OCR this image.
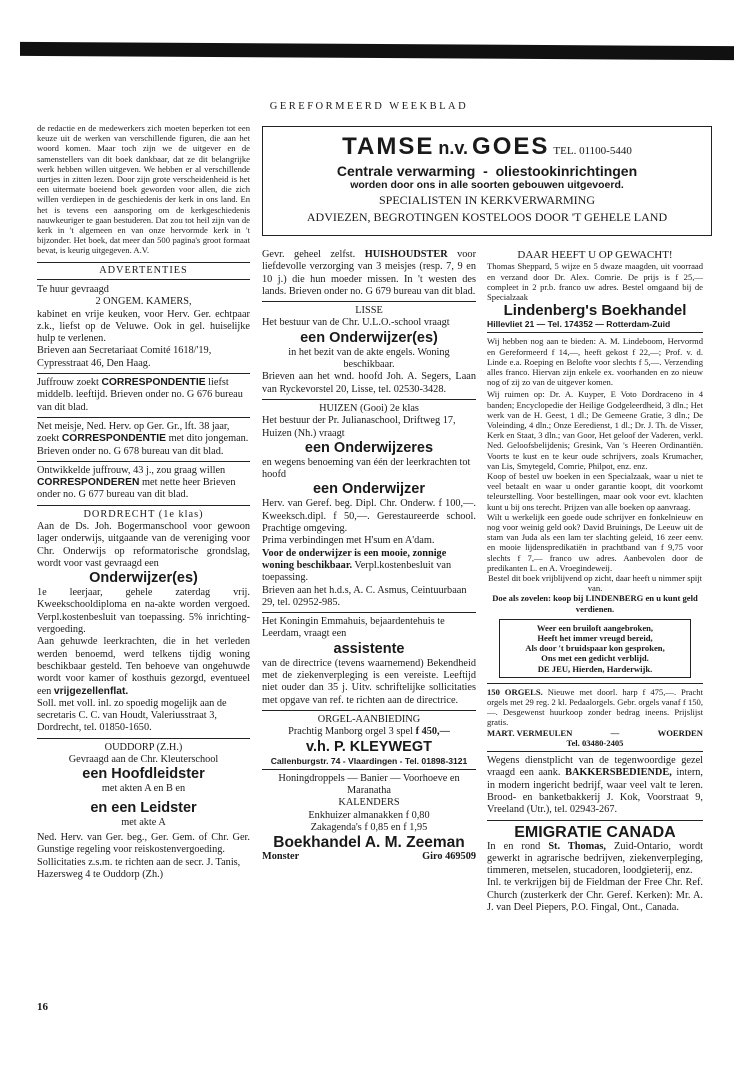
GEREFORMEERD WEEKBLAD

de redactie en de medewerkers zich moeten beperken tot een keuze uit de werken van verschillende figuren, die aan het woord komen. Maar toch zijn we de uitgever en de samenstellers van dit boek dankbaar, dat ze dit belangrijke werk hebben willen uitgeven. We hebben er al verschillende uurtjes in zitten lezen. Door zijn grote verscheidenheid is het een uitermate boeiend boek geworden voor allen, die zich willen verdiepen in de geschiedenis der kerk in ons land. En het is tevens een aansporing om de kerkgeschiedenis nauwkeuriger te gaan bestuderen. Dat zou tot heil zijn van de kerk in 't algemeen en van onze hervormde kerk in 't bijzonder. Het boek, dat meer dan 500 pagina's groot formaat bevat, is keurig uitgegeven. A.V.

ADVERTENTIES

Te huur gevraagd

2 ONGEM. KAMERS,

kabinet en vrije keuken, voor Herv. Ger. echtpaar z.k., liefst op de Veluwe. Ook in gel. huiselijke hulp te verlenen.

Brieven aan Secretariaat Comité 1618/'19, Cypresstraat 46, Den Haag.

Juffrouw zoekt CORRESPONDENTIE liefst middelb. leeftijd. Brieven onder no. G 676 bureau van dit blad.

Net meisje, Ned. Herv. op Ger. Gr., lft. 38 jaar, zoekt CORRESPONDENTIE met dito jongeman. Brieven onder no. G 678 bureau van dit blad.

Ontwikkelde juffrouw, 43 j., zou graag willen CORRESPONDEREN met nette heer Brieven onder no. G 677 bureau van dit blad.

DORDRECHT (1e klas)

Aan de Ds. Joh. Bogermanschool voor gewoon lager onderwijs, uitgaande van de vereniging voor Chr. Onderwijs op reformatorische grondslag, wordt voor vast gevraagd een

Onderwijzer(es)

1e leerjaar, gehele zaterdag vrij. Kweekschooldiploma en na-akte worden vergoed. Verpl.kostenbesluit van toepassing. 5% inrichting-vergoeding.

Aan gehuwde leerkrachten, die in het verleden werden benoemd, werd telkens tijdig woning beschikbaar gesteld. Ten behoeve van ongehuwde wordt voor kamer of kosthuis gezorgd, eventueel een vrijgezellenflat.

Soll. met voll. inl. zo spoedig mogelijk aan de secretaris C. C. van Houdt, Valeriusstraat 3, Dordrecht, tel. 01850-1650.

OUDDORP (Z.H.)

Gevraagd aan de Chr. Kleuterschool

een Hoofdleidster

met akten A en B en

en een Leidster

met akte A

Ned. Herv. van Ger. beg., Ger. Gem. of Chr. Ger. Gunstige regeling voor reiskostenvergoeding.

Sollicitaties z.s.m. te richten aan de secr. J. Tanis, Hazersweg 4 te Ouddorp (Zh.)

TAMSE n.v. GOES TEL. 01100-5440
Centrale verwarming - oliestookinrichtingen
worden door ons in alle soorten gebouwen uitgevoerd.
SPECIALISTEN IN KERKVERWARMING
ADVIEZEN, BEGROTINGEN KOSTELOOS DOOR 'T GEHELE LAND

Gevr. geheel zelfst. HUISHOUDSTER voor liefdevolle verzorging van 3 meisjes (resp. 7, 9 en 10 j.) die hun moeder missen. In 't westen des lands. Brieven onder no. G 679 bureau van dit blad.

LISSE

Het bestuur van de Chr. U.L.O.-school vraagt

een Onderwijzer(es)

in het bezit van de akte engels. Woning beschikbaar.

Brieven aan het wnd. hoofd Joh. A. Segers, Laan van Ryckevorstel 20, Lisse, tel. 02530-3428.

HUIZEN (Gooi) 2e klas

Het bestuur der Pr. Julianaschool, Driftweg 17, Huizen (Nh.) vraagt

een Onderwijzeres

en wegens benoeming van één der leerkrachten tot hoofd

een Onderwijzer

Herv. van Geref. beg. Dipl. Chr. Onderw. f 100,—. Kweeksch.dipl. f 50,—. Gerestaureerde school. Prachtige omgeving.

Prima verbindingen met H'sum en A'dam.

Voor de onderwijzer is een mooie, zonnige woning beschikbaar. Verpl.kostenbesluit van toepassing.

Brieven aan het h.d.s, A. C. Asmus, Ceintuurbaan 29, tel. 02952-985.

Het Koningin Emmahuis, bejaardentehuis te Leerdam, vraagt een

assistente

van de directrice (tevens waarnemend) Bekendheid met de ziekenverpleging is een vereiste. Leeftijd niet ouder dan 35 j. Uitv. schriftelijke sollicitaties met opgave van ref. te richten aan de directrice.

ORGEL-AANBIEDING

Prachtig Manborg orgel 3 spel f 450,—

v.h. P. KLEYWEGT

Callenburgstr. 74 - Vlaardingen - Tel. 01898-3121

Honingdroppels — Banier — Voorhoeve en Maranatha

KALENDERS

Enkhuizer almanakken f 0,80

Zakagenda's f 0,85 en f 1,95

Boekhandel A. M. Zeeman

Monster	Giro 469509

DAAR HEEFT U OP GEWACHT!

Thomas Sheppard, 5 wijze en 5 dwaze maagden, uit voorraad en verzand door Dr. Alex. Comrie. De prijs is f 25,— compleet in 2 pr.b. franco uw adres. Bestel omgaand bij de Specialzaak

Lindenberg's Boekhandel

Hillevliet 21 — Tel. 174352 — Rotterdam-Zuid

Wij hebben nog aan te bieden: A. M. Lindeboom, Hervormd en Gereformeerd f 14,—, heeft gekost f 22,—; Prof. v. d. Linde e.a. Roeping en Belofte voor slechts f 5,—. Verzending alles franco. Hiervan zijn enkele ex. voorhanden en zo nieuw nog of zij zo van de uitgever komen.

Wij ruimen op: Dr. A. Kuyper, E Voto Dordraceno in 4 banden; Encyclopedie der Heilige Godgeleerdheid, 3 dln.; Het werk van de H. Geest, 1 dl.; De Gemeene Gratie, 3 dln.; De Voleinding, 4 dln.; Onze Eeredienst, 1 dl.; Dr. J. Th. de Visser, Kerk en Staat, 3 dln.; van Goor, Het geloof der Vaderen, verkl. Ned. Geloofsbelijdenis; Gresink, Van 's Heeren Ordinantiën. Voorts te kust en te keur oude schrijvers, zoals Krumacher, van Lis, Smytegeld, Comrie, Philpot, enz. enz.

Koop of bestel uw boeken in een Specialzaak, waar u niet te veel betaalt en waar u onder garantie koopt, dit voorkomt teleurstelling. Voor bestellingen, maar ook voor evt. klachten kunt u bij ons terecht. Prijzen van alle boeken op aanvraag.

Wilt u werkelijk een goede oude schrijver en fonkelnieuw en nog voor weinig geld ook? David Bruinings, De Leeuw uit de stam van Juda als een lam ter slachting geleid, 16 zeer eenv. en mooie lijdenspredikatiën in prachtband van f 9,75 voor slechts f 7,— franco uw adres. Aanbevolen door de predikanten L. en A. Vroegindeweij.

Bestel dit boek vrijblijvend op zicht, daar heeft u nimmer spijt van.

Doe als zovelen: koop bij LINDENBERG en u kunt geld verdienen.

Weer een bruiloft aangebroken,

Heeft het immer vreugd bereid,

Als door 't bruidspaar kon gesproken,

Ons met een gedicht verblijd.

DE JEU, Hierden, Harderwijk.

150 ORGELS. Nieuwe met doorl. harp f 475,—. Pracht orgels met 29 reg. 2 kl. Pedaalorgels. Gebr. orgels vanaf f 150,—. Desgewenst huurkoop zonder bedrag ineens. Prijslijst gratis.

MART. VERMEULEN	—	WOERDEN

Tel. 03480-2405

Wegens dienstplicht van de tegenwoordige gezel vraagd een aank. BAKKERSBEDIENDE, intern, in modern ingericht bedrijf, waar veel valt te leren. Brood- en banketbakkerij J. Kok, Voorstraat 9, Vreeland (Utr.), tel. 02943-267.

EMIGRATIE CANADA

In en rond St. Thomas, Zuid-Ontario, wordt gewerkt in agrarische bedrijven, ziekenverpleging, timmeren, metselen, stucadoren, loodgieterij, enz.

Inl. te verkrijgen bij de Fieldman der Free Chr. Ref. Church (zusterkerk der Chr. Geref. Kerken): Mr. A. J. van Deel Piepers, P.O. Fingal, Ont., Canada.

16
